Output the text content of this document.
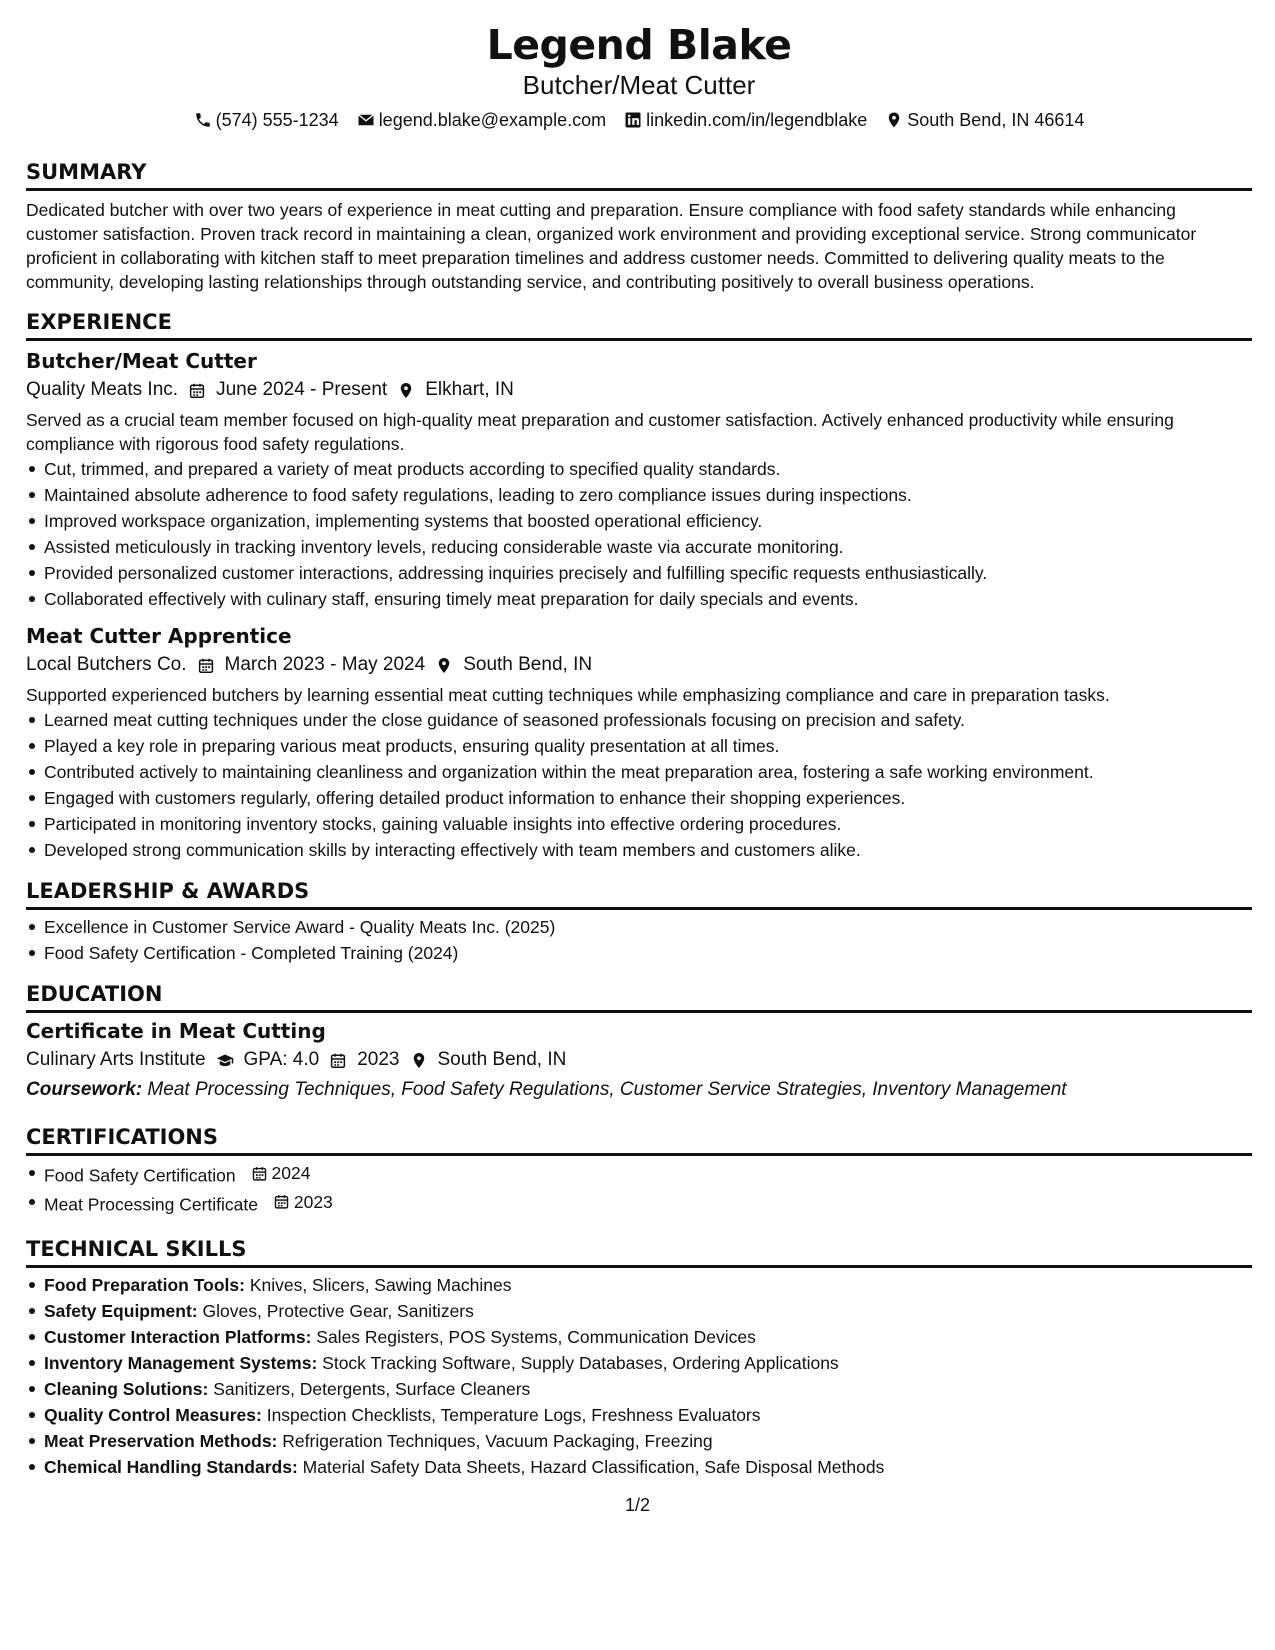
Legend Blake
Butcher/Meat Cutter
(574) 555-1234 legend.blake@example.com linkedin.com/in/legendblake South Bend, IN 46614
SUMMARY

Dedicated butcher with over two years of experience in meat cutting and preparation. Ensure compliance with food safety standards while enhancing customer satisfaction. Proven track record in maintaining a clean, organized work environment and providing exceptional service. Strong communicator proficient in collaborating with kitchen staff to meet preparation timelines and address customer needs. Committed to delivering quality meats to the community, developing lasting relationships through outstanding service, and contributing positively to overall business operations.

EXPERIENCE
Butcher/Meat Cutter
Quality Meats Inc. June 2024 - Present Elkhart, IN

Served as a crucial team member focused on high-quality meat preparation and customer satisfaction. Actively enhanced productivity while ensuring compliance with rigorous food safety regulations.

Cut, trimmed, and prepared a variety of meat products according to specified quality standards.
Maintained absolute adherence to food safety regulations, leading to zero compliance issues during inspections.
Improved workspace organization, implementing systems that boosted operational efficiency.
Assisted meticulously in tracking inventory levels, reducing considerable waste via accurate monitoring.
Provided personalized customer interactions, addressing inquiries precisely and fulfilling specific requests enthusiastically.
Collaborated effectively with culinary staff, ensuring timely meat preparation for daily specials and events.
Meat Cutter Apprentice
Local Butchers Co. March 2023 - May 2024 South Bend, IN

Supported experienced butchers by learning essential meat cutting techniques while emphasizing compliance and care in preparation tasks.

Learned meat cutting techniques under the close guidance of seasoned professionals focusing on precision and safety.
Played a key role in preparing various meat products, ensuring quality presentation at all times.
Contributed actively to maintaining cleanliness and organization within the meat preparation area, fostering a safe working environment.
Engaged with customers regularly, offering detailed product information to enhance their shopping experiences.
Participated in monitoring inventory stocks, gaining valuable insights into effective ordering procedures.
Developed strong communication skills by interacting effectively with team members and customers alike.
LEADERSHIP & AWARDS
Excellence in Customer Service Award - Quality Meats Inc. (2025)
Food Safety Certification - Completed Training (2024)
EDUCATION
Certificate in Meat Cutting
Culinary Arts Institute GPA: 4.0 2023 South Bend, IN
Coursework: Meat Processing Techniques, Food Safety Regulations, Customer Service Strategies, Inventory Management
CERTIFICATIONS
Food Safety Certification 2024
Meat Processing Certificate 2023
TECHNICAL SKILLS
Food Preparation Tools: Knives, Slicers, Sawing Machines
Safety Equipment: Gloves, Protective Gear, Sanitizers
Customer Interaction Platforms: Sales Registers, POS Systems, Communication Devices
Inventory Management Systems: Stock Tracking Software, Supply Databases, Ordering Applications
Cleaning Solutions: Sanitizers, Detergents, Surface Cleaners
Quality Control Measures: Inspection Checklists, Temperature Logs, Freshness Evaluators
Meat Preservation Methods: Refrigeration Techniques, Vacuum Packaging, Freezing
Chemical Handling Standards: Material Safety Data Sheets, Hazard Classification, Safe Disposal Methods
1/2
